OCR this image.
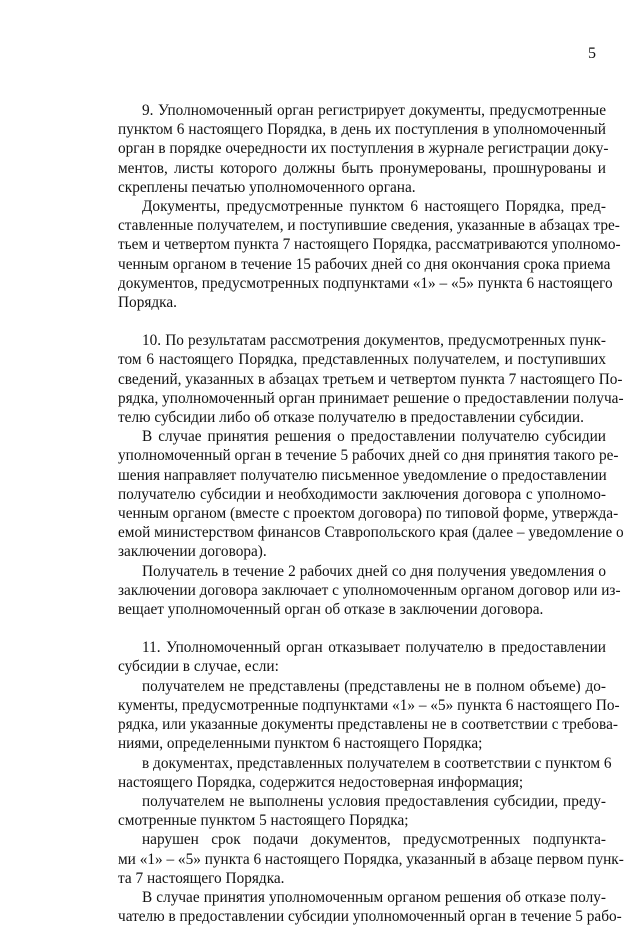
5

9. Уполномоченный орган регистрирует документы, предусмотренные
пунктом 6 настоящего Порядка, в день их поступления в уполномоченный
орган в порядке очередности их поступления в журнале регистрации доку-
ментов, листы которого должны быть пронумерованы, прошнурованы и
скреплены печатью уполномоченного органа.

Документы, предусмотренные пунктом 6 настоящего Порядка, пред-
ставленные получателем, и поступившие сведения, указанные в абзацах тре-
тьем и четвертом пункта 7 настоящего Порядка, рассматриваются уполномо-
ченным органом в течение 15 рабочих дней со дня окончания срока приема
документов, предусмотренных подпунктами «1» – «5» пункта 6 настоящего
Порядка.

10. По результатам рассмотрения документов, предусмотренных пунк-
том 6 настоящего Порядка, представленных получателем, и поступивших
сведений, указанных в абзацах третьем и четвертом пункта 7 настоящего По-
рядка, уполномоченный орган принимает решение о предоставлении получа-
телю субсидии либо об отказе получателю в предоставлении субсидии.

В случае принятия решения о предоставлении получателю субсидии
уполномоченный орган в течение 5 рабочих дней со дня принятия такого ре-
шения направляет получателю письменное уведомление о предоставлении
получателю субсидии и необходимости заключения договора с уполномо-
ченным органом (вместе с проектом договора) по типовой форме, утвержда-
емой министерством финансов Ставропольского края (далее – уведомление о
заключении договора).

Получатель в течение 2 рабочих дней со дня получения уведомления о
заключении договора заключает с уполномоченным органом договор или из-
вещает уполномоченный орган об отказе в заключении договора.

11. Уполномоченный орган отказывает получателю в предоставлении
субсидии в случае, если:

получателем не представлены (представлены не в полном объеме) до-
кументы, предусмотренные подпунктами «1» – «5» пункта 6 настоящего По-
рядка, или указанные документы представлены не в соответствии с требова-
ниями, определенными пунктом 6 настоящего Порядка;

в документах, представленных получателем в соответствии с пунктом 6
настоящего Порядка, содержится недостоверная информация;

получателем не выполнены условия предоставления субсидии, преду-
смотренные пунктом 5 настоящего Порядка;

нарушен срок подачи документов, предусмотренных подпункта-
ми «1» – «5» пункта 6 настоящего Порядка, указанный в абзаце первом пунк-
та 7 настоящего Порядка.

В случае принятия уполномоченным органом решения об отказе полу-
чателю в предоставлении субсидии уполномоченный орган в течение 5 рабо-
